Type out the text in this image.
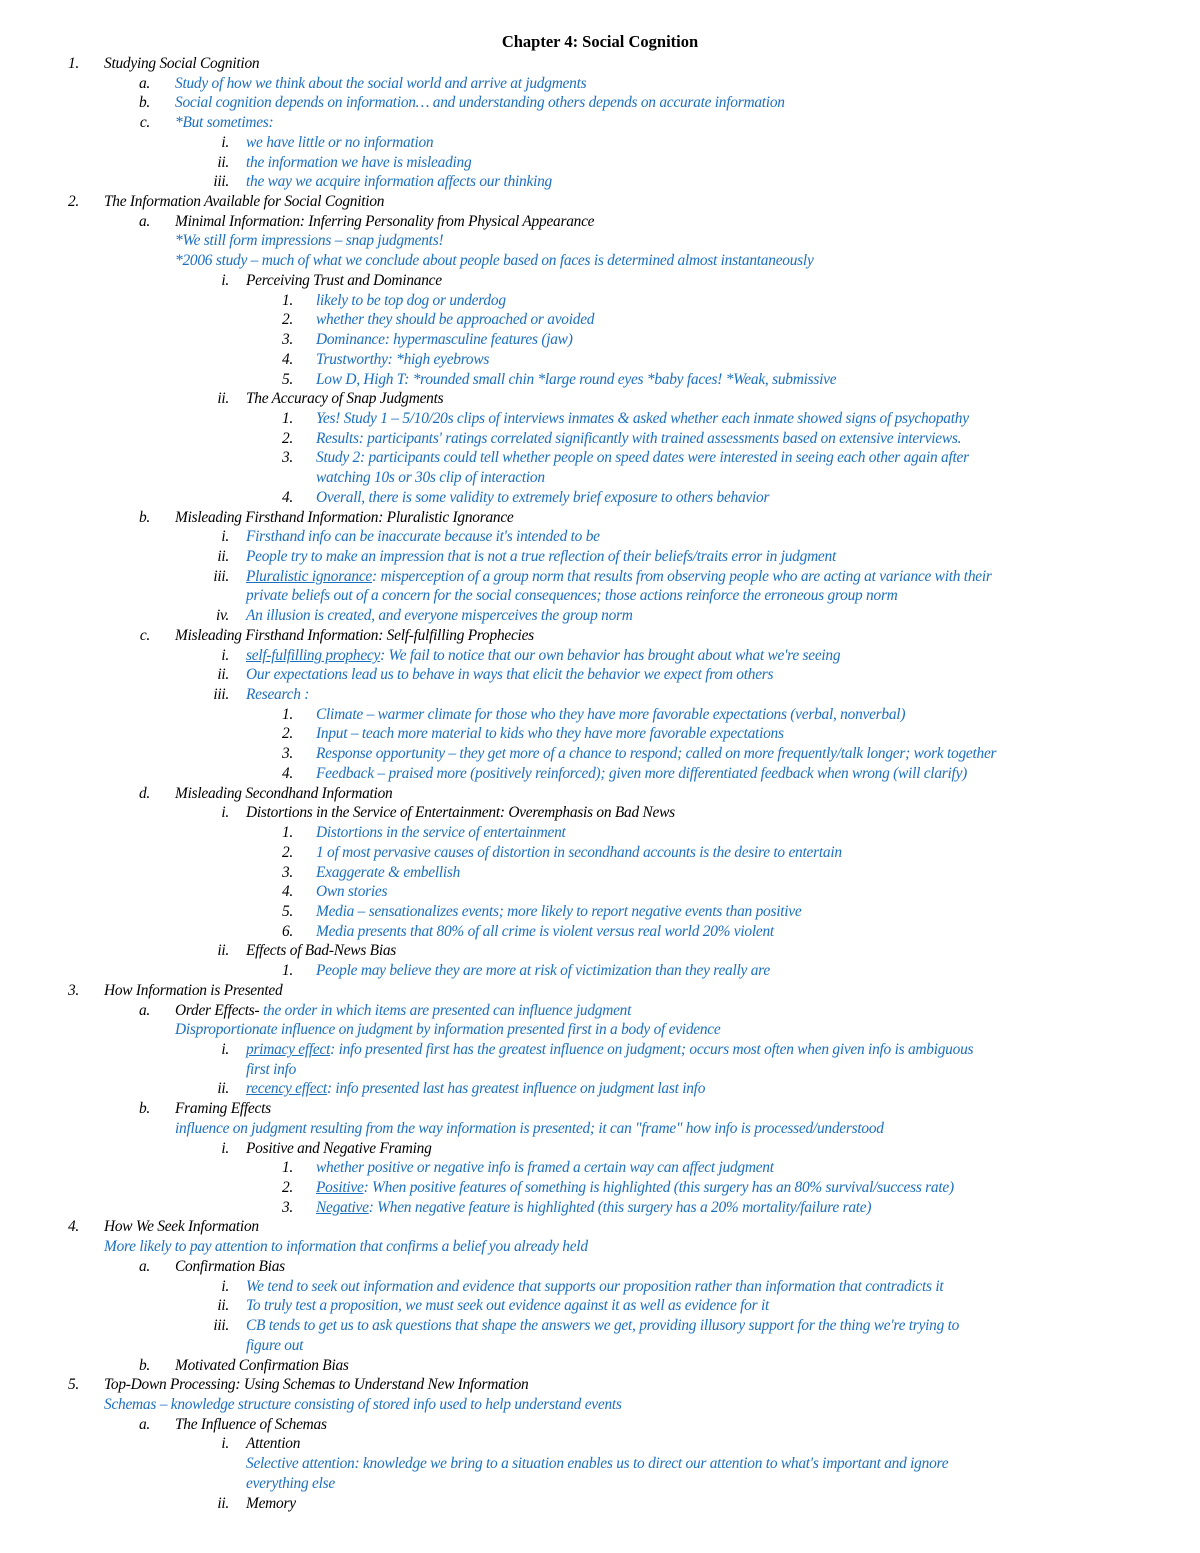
Chapter 4: Social Cognition
1. Studying Social Cognition
a. Study of how we think about the social world and arrive at judgments
b. Social cognition depends on information… and understanding others depends on accurate information
c. *But sometimes:
i. we have little or no information
ii. the information we have is misleading
iii. the way we acquire information affects our thinking
2. The Information Available for Social Cognition
a. Minimal Information: Inferring Personality from Physical Appearance
*We still form impressions – snap judgments!
*2006 study – much of what we conclude about people based on faces is determined almost instantaneously
i. Perceiving Trust and Dominance
1. likely to be top dog or underdog
2. whether they should be approached or avoided
3. Dominance: hypermasculine features (jaw)
4. Trustworthy: *high eyebrows
5. Low D, High T: *rounded small chin *large round eyes *baby faces! *Weak, submissive
ii. The Accuracy of Snap Judgments
1. Yes! Study 1 – 5/10/20s clips of interviews inmates & asked whether each inmate showed signs of psychopathy
2. Results: participants' ratings correlated significantly with trained assessments based on extensive interviews.
3. Study 2: participants could tell whether people on speed dates were interested in seeing each other again after
watching 10s or 30s clip of interaction
4. Overall, there is some validity to extremely brief exposure to others behavior
b. Misleading Firsthand Information: Pluralistic Ignorance
i. Firsthand info can be inaccurate because it's intended to be
ii. People try to make an impression that is not a true reflection of their beliefs/traits error in judgment
iii. Pluralistic ignorance: misperception of a group norm that results from observing people who are acting at variance with their
private beliefs out of a concern for the social consequences; those actions reinforce the erroneous group norm
iv. An illusion is created, and everyone misperceives the group norm
c. Misleading Firsthand Information: Self-fulfilling Prophecies
i. self-fulfilling prophecy: We fail to notice that our own behavior has brought about what we're seeing
ii. Our expectations lead us to behave in ways that elicit the behavior we expect from others
iii. Research :
1. Climate – warmer climate for those who they have more favorable expectations (verbal, nonverbal)
2. Input – teach more material to kids who they have more favorable expectations
3. Response opportunity – they get more of a chance to respond; called on more frequently/talk longer; work together
4. Feedback – praised more (positively reinforced); given more differentiated feedback when wrong (will clarify)
d. Misleading Secondhand Information
i. Distortions in the Service of Entertainment: Overemphasis on Bad News
1. Distortions in the service of entertainment
2. 1 of most pervasive causes of distortion in secondhand accounts is the desire to entertain
3. Exaggerate & embellish
4. Own stories
5. Media – sensationalizes events; more likely to report negative events than positive
6. Media presents that 80% of all crime is violent versus real world 20% violent
ii. Effects of Bad-News Bias
1. People may believe they are more at risk of victimization than they really are
3. How Information is Presented
a. Order Effects- the order in which items are presented can influence judgment
Disproportionate influence on judgment by information presented first in a body of evidence
i. primacy effect: info presented first has the greatest influence on judgment; occurs most often when given info is ambiguous
first info
ii. recency effect: info presented last has greatest influence on judgment last info
b. Framing Effects
influence on judgment resulting from the way information is presented; it can "frame" how info is processed/understood
i. Positive and Negative Framing
1. whether positive or negative info is framed a certain way can affect judgment
2. Positive: When positive features of something is highlighted (this surgery has an 80% survival/success rate)
3. Negative: When negative feature is highlighted (this surgery has a 20% mortality/failure rate)
4. How We Seek Information
More likely to pay attention to information that confirms a belief you already held
a. Confirmation Bias
i. We tend to seek out information and evidence that supports our proposition rather than information that contradicts it
ii. To truly test a proposition, we must seek out evidence against it as well as evidence for it
iii. CB tends to get us to ask questions that shape the answers we get, providing illusory support for the thing we're trying to
figure out
b. Motivated Confirmation Bias
5. Top-Down Processing: Using Schemas to Understand New Information
Schemas – knowledge structure consisting of stored info used to help understand events
a. The Influence of Schemas
i. Attention
Selective attention: knowledge we bring to a situation enables us to direct our attention to what's important and ignore
everything else
ii. Memory
